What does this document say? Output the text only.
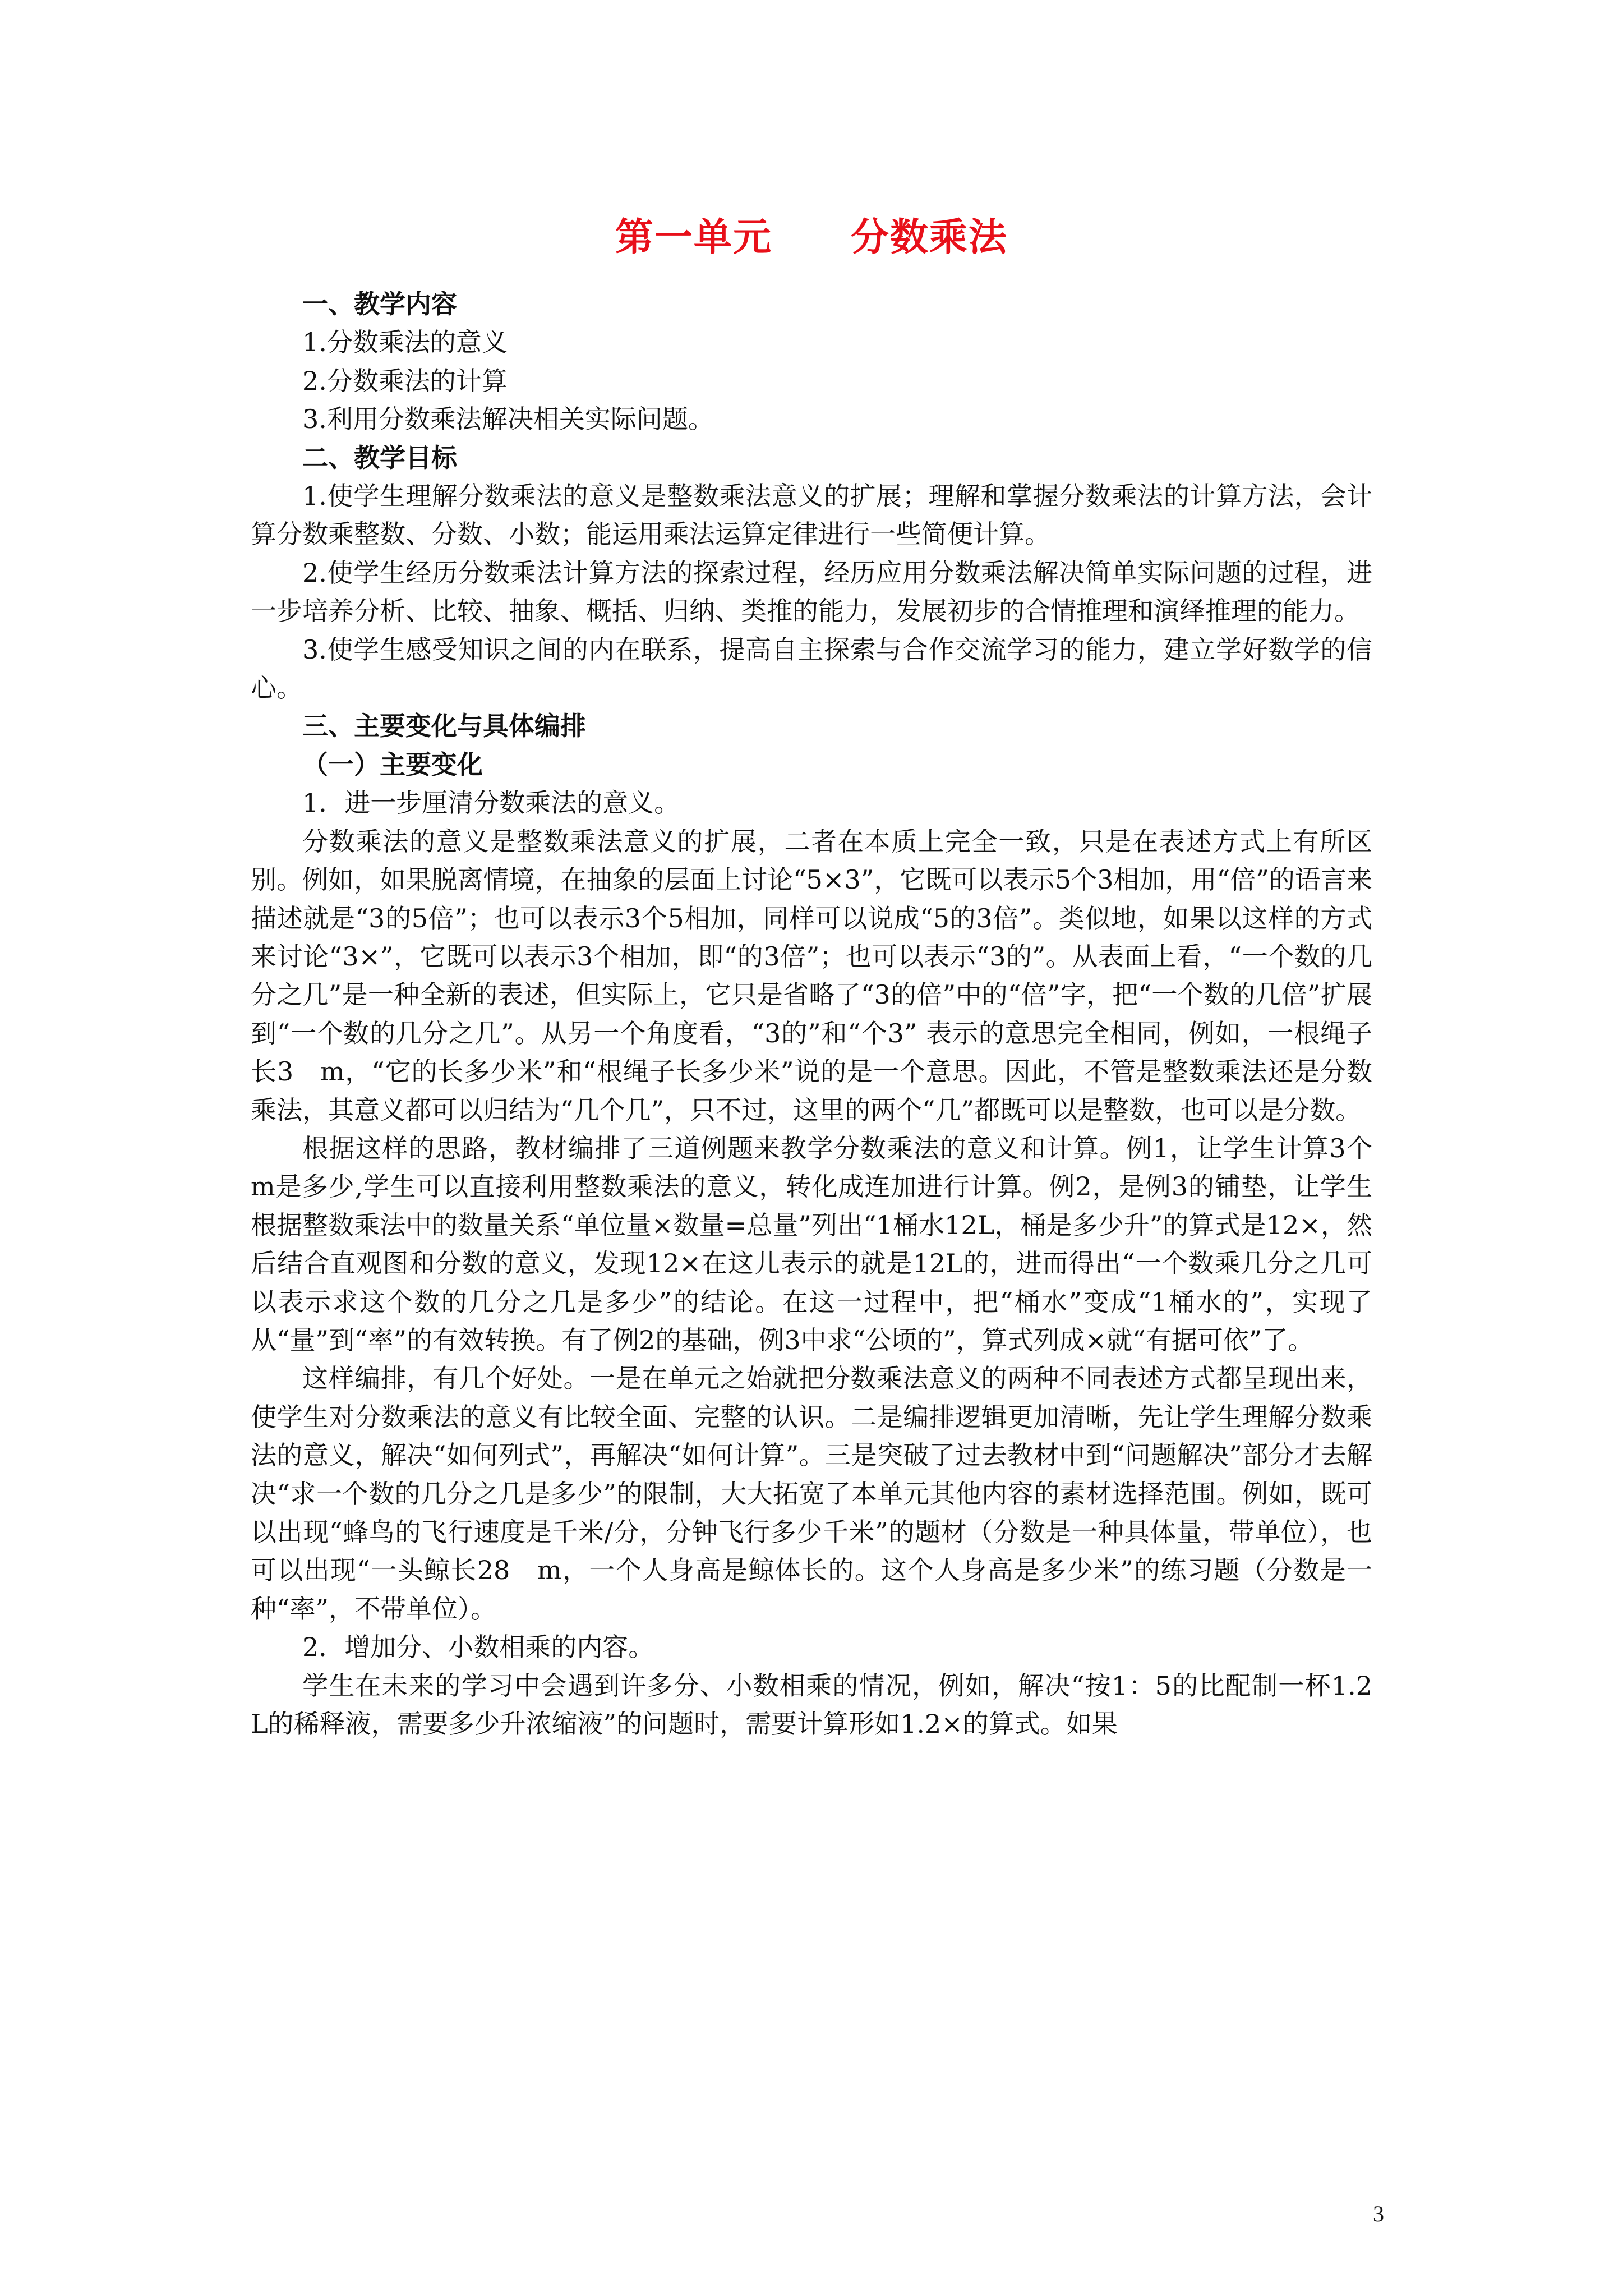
第一单元　　分数乘法

一、教学内容

1.分数乘法的意义

2.分数乘法的计算

3.利用分数乘法解决相关实际问题。

二、教学目标

1.使学生理解分数乘法的意义是整数乘法意义的扩展；理解和掌握分数乘法的计算方法，会计算分数乘整数、分数、小数；能运用乘法运算定律进行一些简便计算。

2.使学生经历分数乘法计算方法的探索过程，经历应用分数乘法解决简单实际问题的过程，进一步培养分析、比较、抽象、概括、归纳、类推的能力，发展初步的合情推理和演绎推理的能力。

3.使学生感受知识之间的内在联系，提高自主探索与合作交流学习的能力，建立学好数学的信心。

三、主要变化与具体编排

（一）主要变化

1．进一步厘清分数乘法的意义。

分数乘法的意义是整数乘法意义的扩展，二者在本质上完全一致，只是在表述方式上有所区别。例如，如果脱离情境，在抽象的层面上讨论“5×3”，它既可以表示5个3相加，用“倍”的语言来描述就是“3的5倍”；也可以表示3个5相加，同样可以说成“5的3倍”。类似地，如果以这样的方式来讨论“3×”，它既可以表示3个相加，即“的3倍”；也可以表示“3的”。从表面上看，“一个数的几分之几”是一种全新的表述，但实际上，它只是省略了“3的倍”中的“倍”字，把“一个数的几倍”扩展到“一个数的几分之几”。从另一个角度看，“3的”和“个3” 表示的意思完全相同，例如，一根绳子长3　m，“它的长多少米”和“根绳子长多少米”说的是一个意思。因此，不管是整数乘法还是分数乘法，其意义都可以归结为“几个几”，只不过，这里的两个“几”都既可以是整数，也可以是分数。

根据这样的思路，教材编排了三道例题来教学分数乘法的意义和计算。例1，让学生计算3个　m是多少,学生可以直接利用整数乘法的意义，转化成连加进行计算。例2，是例3的铺垫，让学生根据整数乘法中的数量关系“单位量×数量=总量”列出“1桶水12L，桶是多少升”的算式是12×，然后结合直观图和分数的意义，发现12×在这儿表示的就是12L的，进而得出“一个数乘几分之几可以表示求这个数的几分之几是多少”的结论。在这一过程中，把“桶水”变成“1桶水的”，实现了从“量”到“率”的有效转换。有了例2的基础，例3中求“公顷的”，算式列成×就“有据可依”了。

这样编排，有几个好处。一是在单元之始就把分数乘法意义的两种不同表述方式都呈现出来，使学生对分数乘法的意义有比较全面、完整的认识。二是编排逻辑更加清晰，先让学生理解分数乘法的意义，解决“如何列式”，再解决“如何计算”。三是突破了过去教材中到“问题解决”部分才去解决“求一个数的几分之几是多少”的限制，大大拓宽了本单元其他内容的素材选择范围。例如，既可以出现“蜂鸟的飞行速度是千米/分，分钟飞行多少千米”的题材（分数是一种具体量，带单位），也可以出现“一头鲸长28　m，一个人身高是鲸体长的。这个人身高是多少米”的练习题（分数是一种“率”，不带单位）。

2．增加分、小数相乘的内容。

学生在未来的学习中会遇到许多分、小数相乘的情况，例如，解决“按1：5的比配制一杯1.2　L的稀释液，需要多少升浓缩液”的问题时，需要计算形如1.2×的算式。如果

3
